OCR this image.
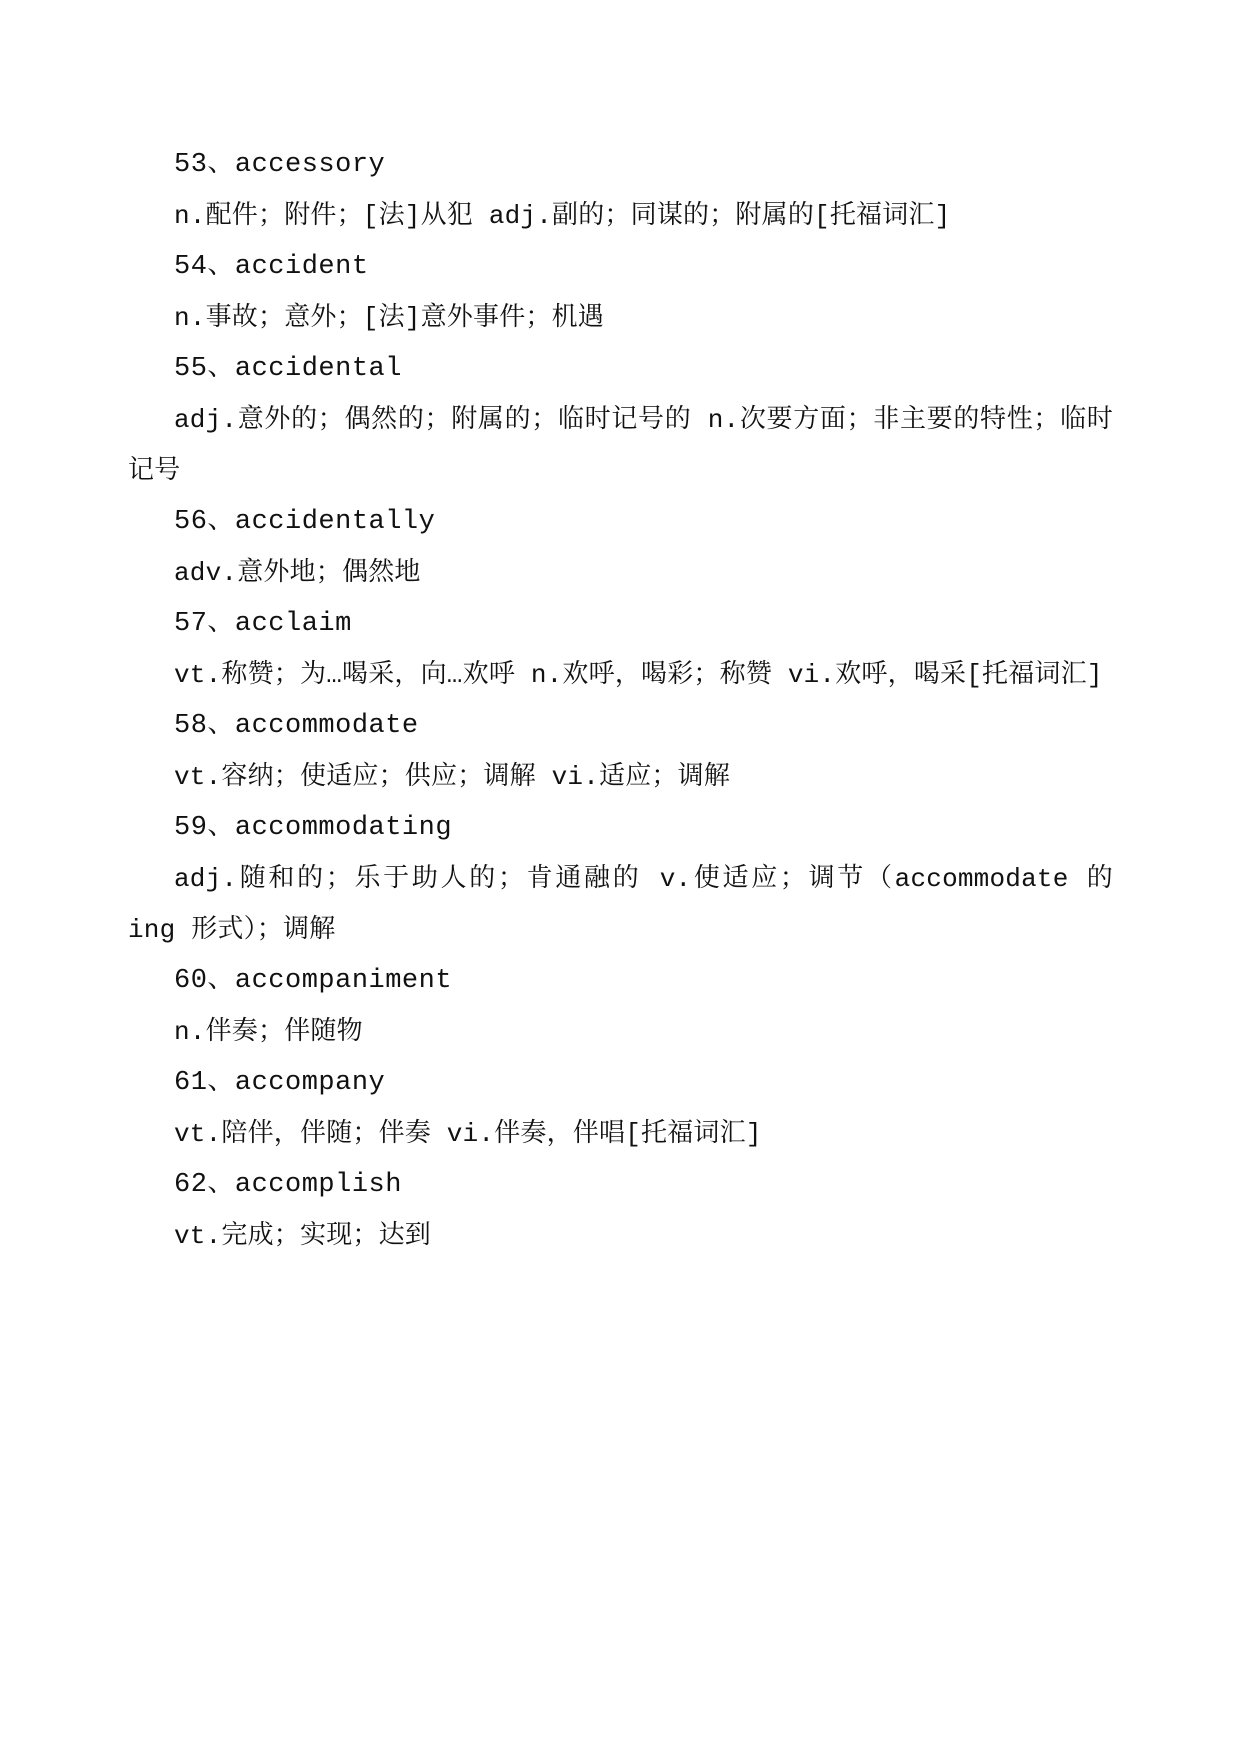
53、accessory

n.配件；附件；[法]从犯 adj.副的；同谋的；附属的[托福词汇]

54、accident

n.事故；意外；[法]意外事件；机遇

55、accidental

adj.意外的；偶然的；附属的；临时记号的 n.次要方面；非主要的特性；临时记号

56、accidentally

adv.意外地；偶然地

57、acclaim

vt.称赞；为…喝采，向…欢呼 n.欢呼，喝彩；称赞 vi.欢呼，喝采[托福词汇]

58、accommodate

vt.容纳；使适应；供应；调解 vi.适应；调解

59、accommodating

adj.随和的；乐于助人的；肯通融的 v.使适应；调节（accommodate 的 ing 形式）；调解

60、accompaniment

n.伴奏；伴随物

61、accompany

vt.陪伴，伴随；伴奏 vi.伴奏，伴唱[托福词汇]

62、accomplish

vt.完成；实现；达到
